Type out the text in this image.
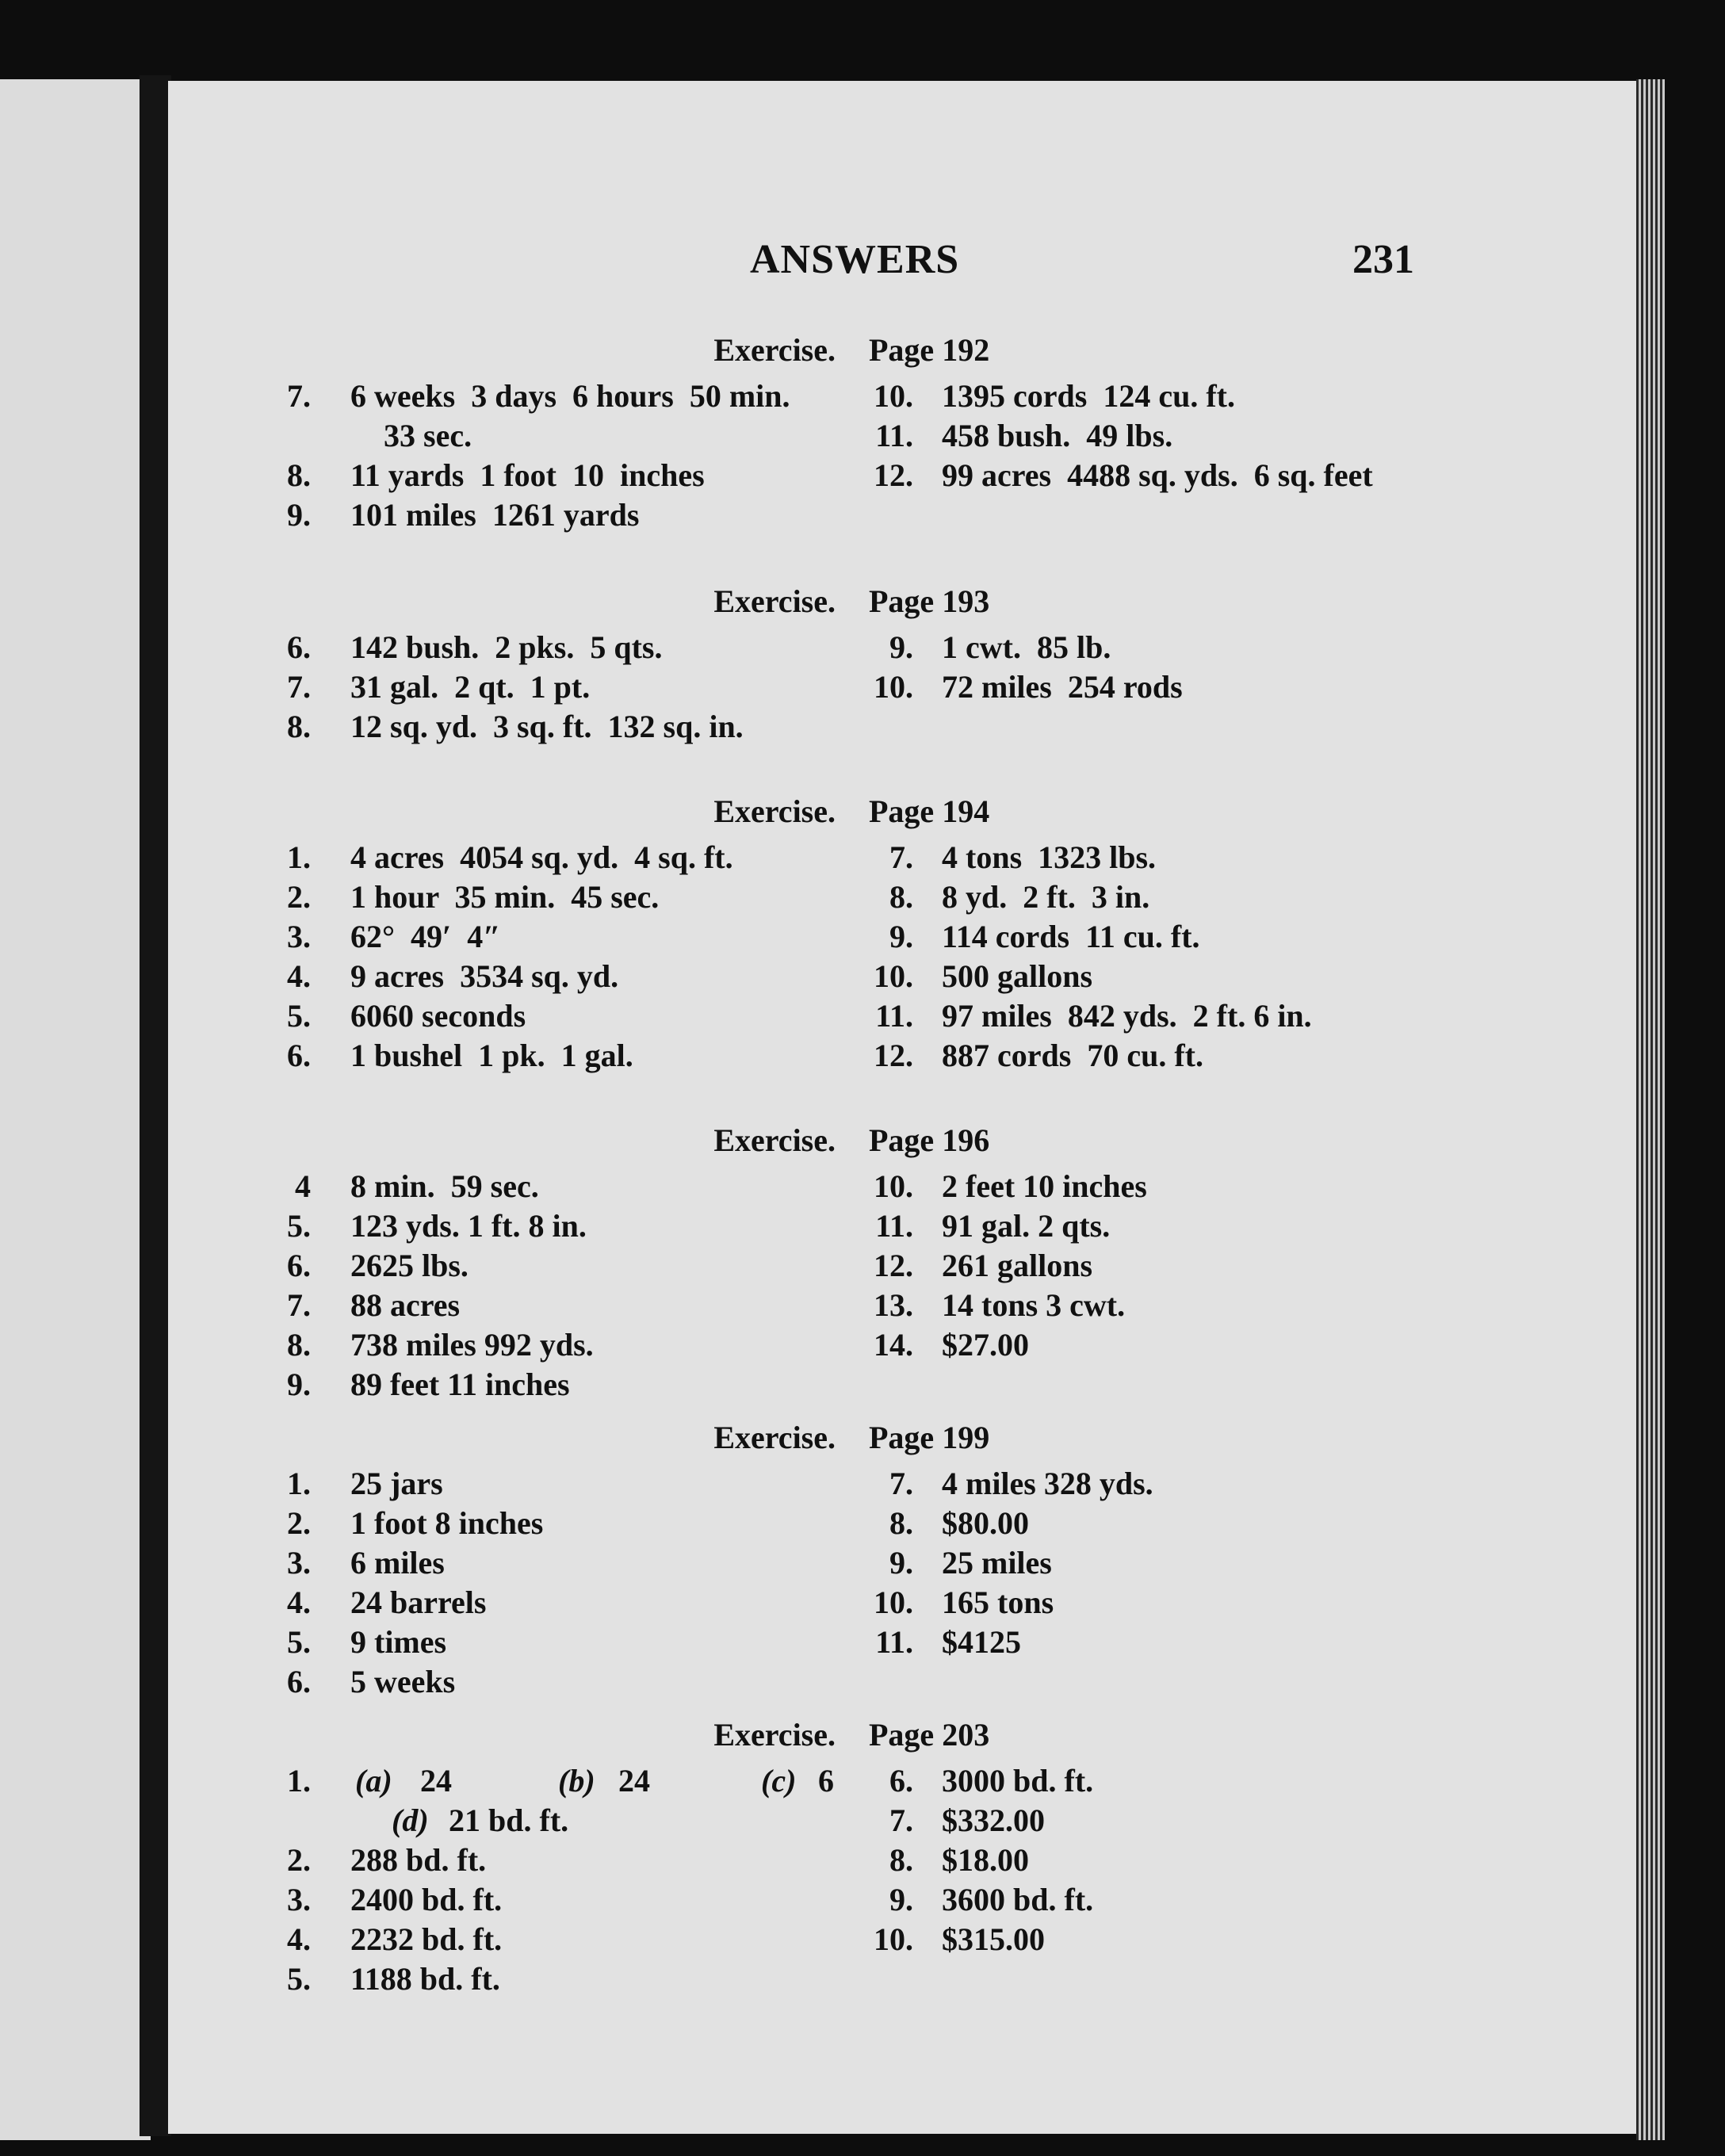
ANSWERS	231
Exercise. Page 192
7. 6 weeks  3 days  6 hours  50 min.
33 sec.
8. 11 yards  1 foot  10  inches
9. 101 miles  1261 yards
10. 1395 cords  124 cu. ft.
11. 458 bush.  49 lbs.
12. 99 acres  4488 sq. yds.  6 sq. feet
Exercise. Page 193
6. 142 bush.  2 pks.  5 qts.
7. 31 gal.  2 qt.  1 pt.
8. 12 sq. yd.  3 sq. ft.  132 sq. in.
9. 1 cwt.  85 lb.
10. 72 miles  254 rods
Exercise. Page 194
1. 4 acres  4054 sq. yd.  4 sq. ft.
2. 1 hour  35 min.  45 sec.
3. 62°  49′  4″
4. 9 acres  3534 sq. yd.
5. 6060 seconds
6. 1 bushel  1 pk.  1 gal.
7. 4 tons  1323 lbs.
8. 8 yd.  2 ft.  3 in.
9. 114 cords  11 cu. ft.
10. 500 gallons
11. 97 miles  842 yds.  2 ft. 6 in.
12. 887 cords  70 cu. ft.
Exercise. Page 196
4 8 min.  59 sec.
5. 123 yds. 1 ft. 8 in.
6. 2625 lbs.
7. 88 acres
8. 738 miles 992 yds.
9. 89 feet 11 inches
10. 2 feet 10 inches
11. 91 gal. 2 qts.
12. 261 gallons
13. 14 tons 3 cwt.
14. $27.00
Exercise. Page 199
1. 25 jars
2. 1 foot 8 inches
3. 6 miles
4. 24 barrels
5. 9 times
6. 5 weeks
7. 4 miles 328 yds.
8. $80.00
9. 25 miles
10. 165 tons
11. $4125
Exercise. Page 203
1. (a) 24	(b) 24	(c) 6
(d) 21 bd. ft.
2. 288 bd. ft.
3. 2400 bd. ft.
4. 2232 bd. ft.
5. 1188 bd. ft.
6. 3000 bd. ft.
7. $332.00
8. $18.00
9. 3600 bd. ft.
10. $315.00
